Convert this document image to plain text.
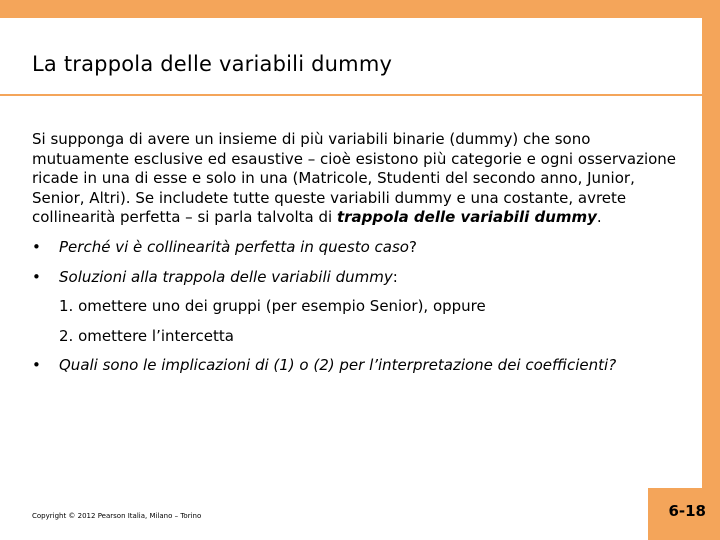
La trappola delle variabili dummy

Si supponga di avere un insieme di più variabili binarie (dummy) che sono mutuamente esclusive ed esaustive – cioè esistono più categorie e ogni osservazione ricade in una di esse e solo in una (Matricole, Studenti del secondo anno, Junior, Senior, Altri). Se includete tutte queste variabili dummy e una costante, avrete collinearità perfetta – si parla talvolta di trappola delle variabili dummy.

• Perché vi è collinearità perfetta in questo caso?
• Soluzioni alla trappola delle variabili dummy:
1. omettere uno dei gruppi (per esempio Senior), oppure
2. omettere l’intercetta
• Quali sono le implicazioni di (1) o (2) per l’interpretazione dei coefficienti?
Copyright © 2012 Pearson Italia, Milano – Torino	6-18
